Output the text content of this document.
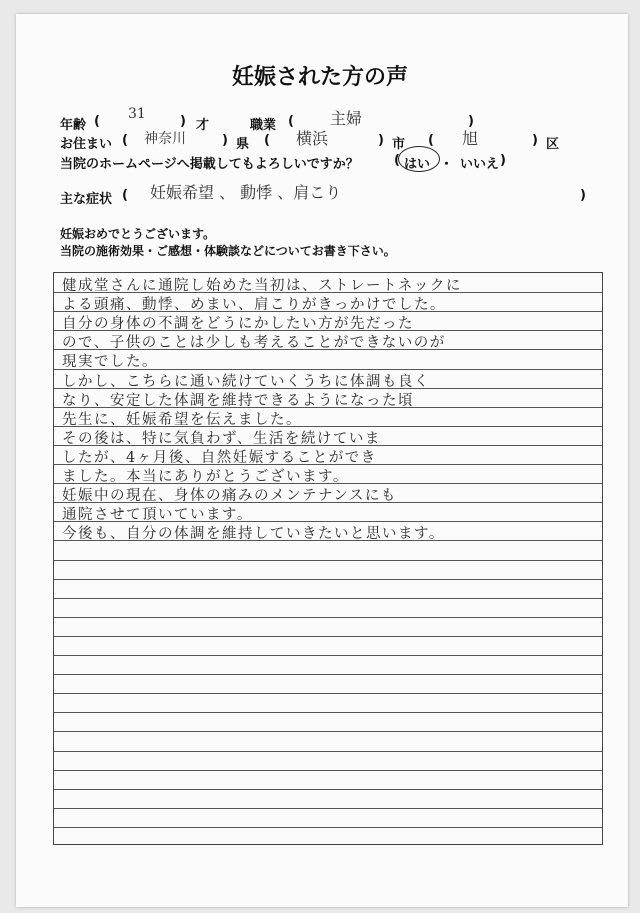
妊娠された方の声
年齢 ( 31	) 才	職業 ( 主婦	)
お住まい ( 神奈川	) 県 ( 横浜	) 市 ( 旭	) 区
当院のホームページへ掲載してもよろしいですか？	( はい ・ いいえ )
主な症状 ( 妊娠希望 、 動悸 、肩こり	)
妊娠おめでとうございます。
当院の施術効果・ご感想・体験談などについてお書き下さい。
健成堂さんに通院し始めた当初は、ストレートネックに
よる頭痛、動悸、めまい、肩こりがきっかけでした。
自分の身体の不調をどうにかしたい方が先だった
ので、子供のことは少しも考えることができないのが
現実でした。
しかし、こちらに通い続けていくうちに体調も良く
なり、安定した体調を維持できるようになった頃
先生に、妊娠希望を伝えました。
その後は、特に気負わず、生活を続けていま
したが、4ヶ月後、自然妊娠することができ
ました。本当にありがとうございます。
妊娠中の現在、身体の痛みのメンテナンスにも
通院させて頂いています。
今後も、自分の体調を維持していきたいと思います。
